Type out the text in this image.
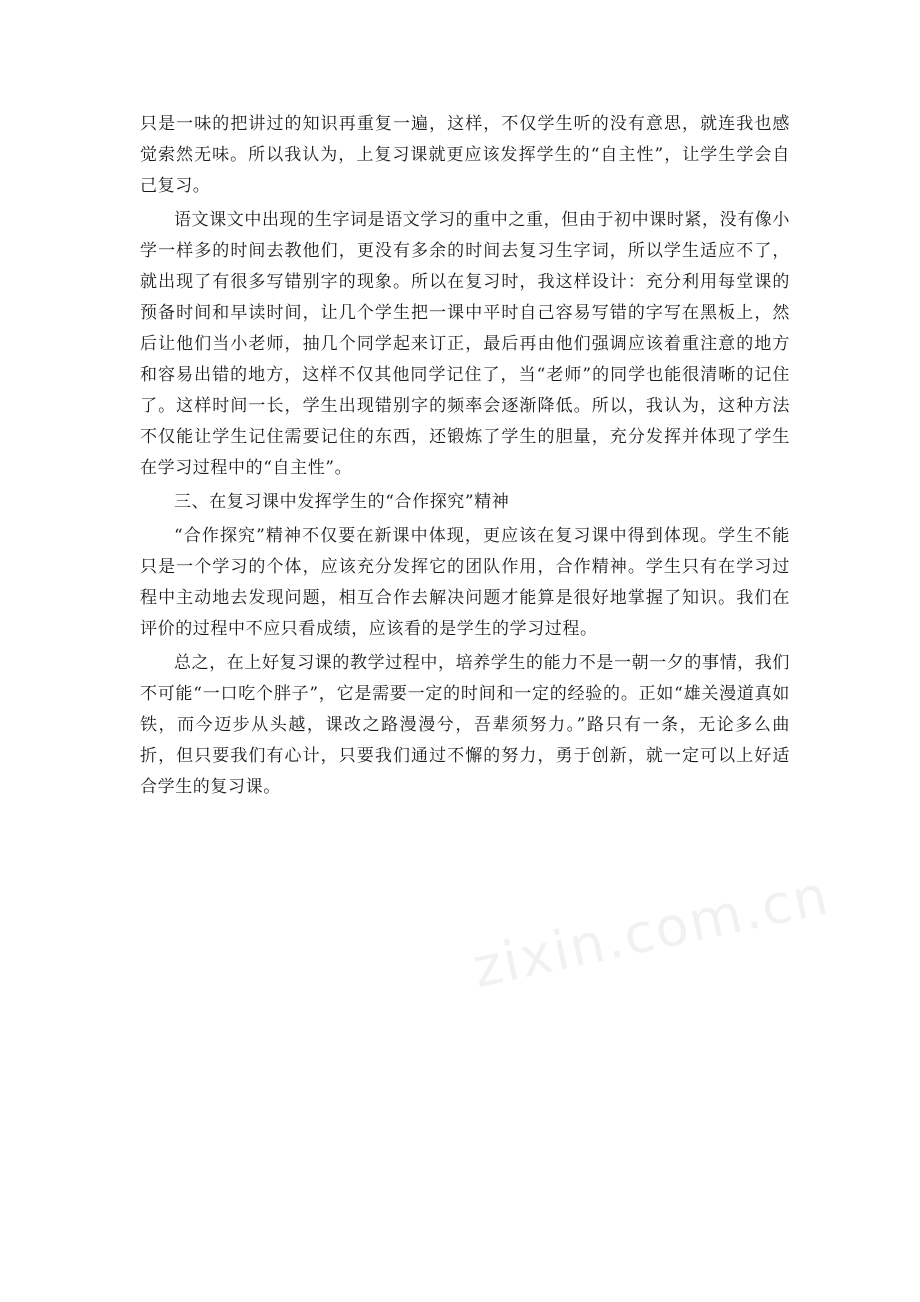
只是一味的把讲过的知识再重复一遍，这样，不仅学生听的没有意思，就连我也感觉索然无味。所以我认为，上复习课就更应该发挥学生的“自主性”，让学生学会自己复习。

语文课文中出现的生字词是语文学习的重中之重，但由于初中课时紧，没有像小学一样多的时间去教他们，更没有多余的时间去复习生字词，所以学生适应不了，就出现了有很多写错别字的现象。所以在复习时，我这样设计：充分利用每堂课的预备时间和早读时间，让几个学生把一课中平时自己容易写错的字写在黑板上，然后让他们当小老师，抽几个同学起来订正，最后再由他们强调应该着重注意的地方和容易出错的地方，这样不仅其他同学记住了，当“老师”的同学也能很清晰的记住了。这样时间一长，学生出现错别字的频率会逐渐降低。所以，我认为，这种方法不仅能让学生记住需要记住的东西，还锻炼了学生的胆量，充分发挥并体现了学生在学习过程中的“自主性”。

三、在复习课中发挥学生的“合作探究”精神

“合作探究”精神不仅要在新课中体现，更应该在复习课中得到体现。学生不能只是一个学习的个体，应该充分发挥它的团队作用，合作精神。学生只有在学习过程中主动地去发现问题，相互合作去解决问题才能算是很好地掌握了知识。我们在评价的过程中不应只看成绩，应该看的是学生的学习过程。

总之，在上好复习课的教学过程中，培养学生的能力不是一朝一夕的事情，我们不可能“一口吃个胖子”，它是需要一定的时间和一定的经验的。正如“雄关漫道真如铁，而今迈步从头越，课改之路漫漫兮，吾辈须努力。”路只有一条，无论多么曲折，但只要我们有心计，只要我们通过不懈的努力，勇于创新，就一定可以上好适合学生的复习课。

zixin.com.cn
